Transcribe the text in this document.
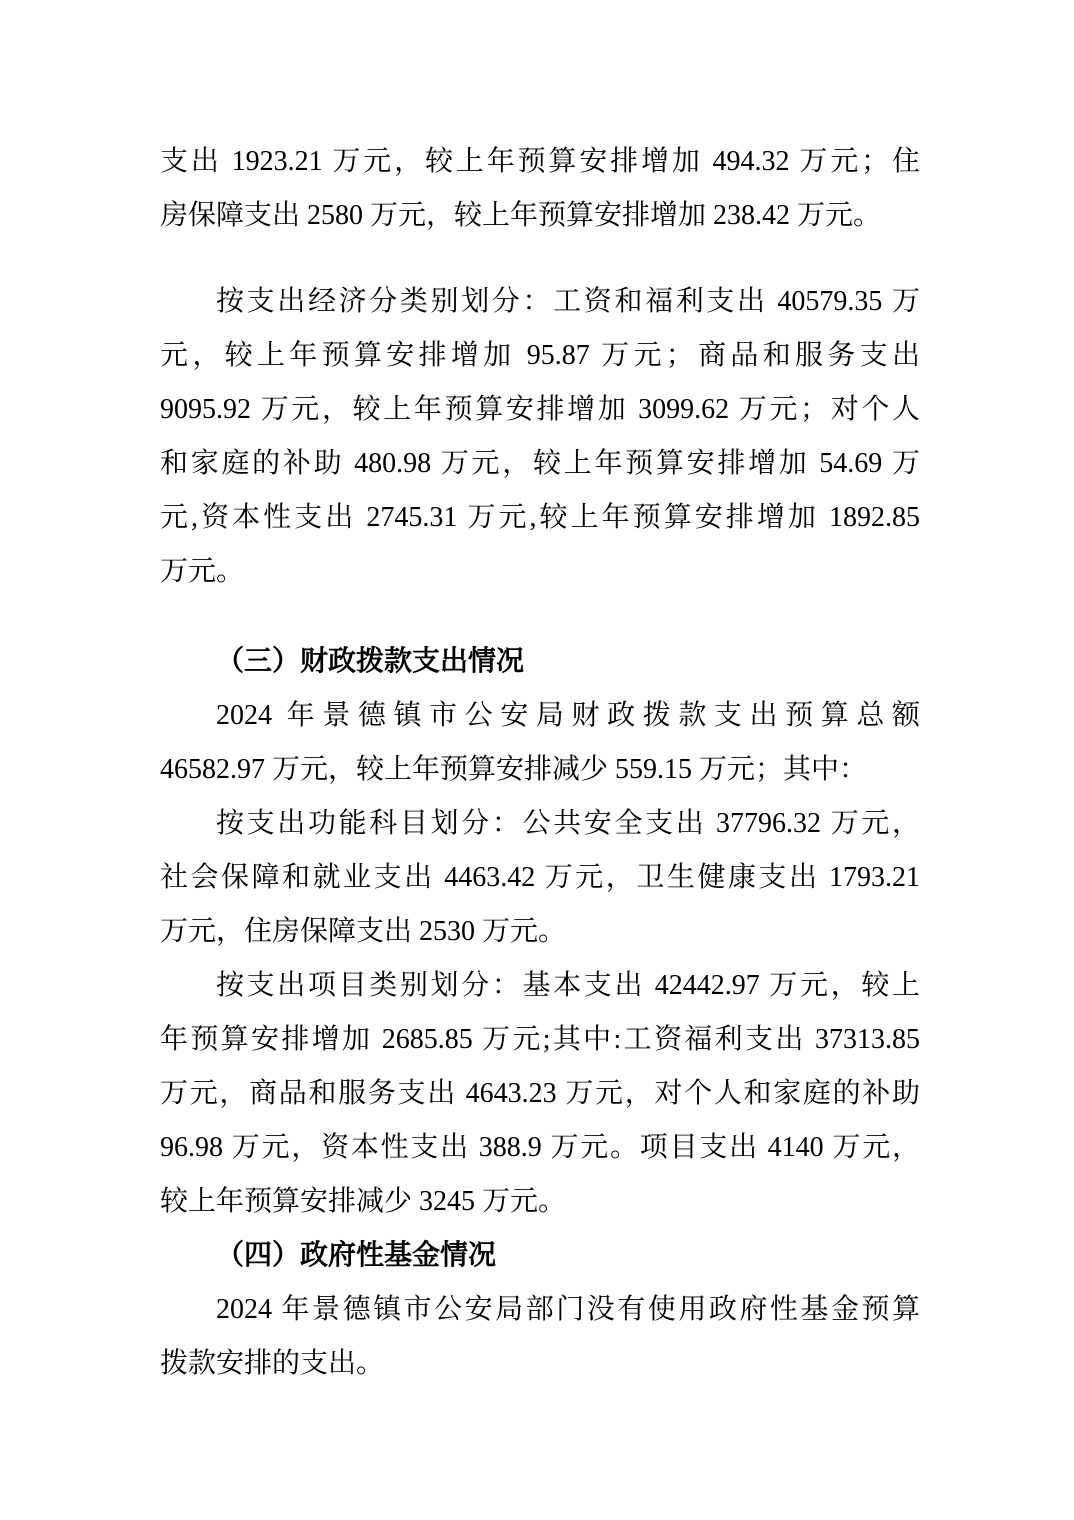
支出 1923.21 万元，较上年预算安排增加 494.32 万元；住
房保障支出 2580 万元，较上年预算安排增加 238.42 万元。
按支出经济分类别划分：工资和福利支出 40579.35 万
元，较上年预算安排增加 95.87 万元；商品和服务支出
9095.92 万元，较上年预算安排增加 3099.62 万元；对个人
和家庭的补助 480.98 万元，较上年预算安排增加 54.69 万
元,资本性支出 2745.31 万元,较上年预算安排增加 1892.85
万元。
（三）财政拨款支出情况
2024 年景德镇市公安局财政拨款支出预算总额
46582.97 万元，较上年预算安排减少 559.15 万元；其中：
按支出功能科目划分：公共安全支出 37796.32 万元，
社会保障和就业支出 4463.42 万元，卫生健康支出 1793.21
万元，住房保障支出 2530 万元。
按支出项目类别划分：基本支出 42442.97 万元，较上
年预算安排增加 2685.85 万元;其中:工资福利支出 37313.85
万元，商品和服务支出 4643.23 万元，对个人和家庭的补助
96.98 万元，资本性支出 388.9 万元。项目支出 4140 万元，
较上年预算安排减少 3245 万元。
（四）政府性基金情况
2024 年景德镇市公安局部门没有使用政府性基金预算
拨款安排的支出。
